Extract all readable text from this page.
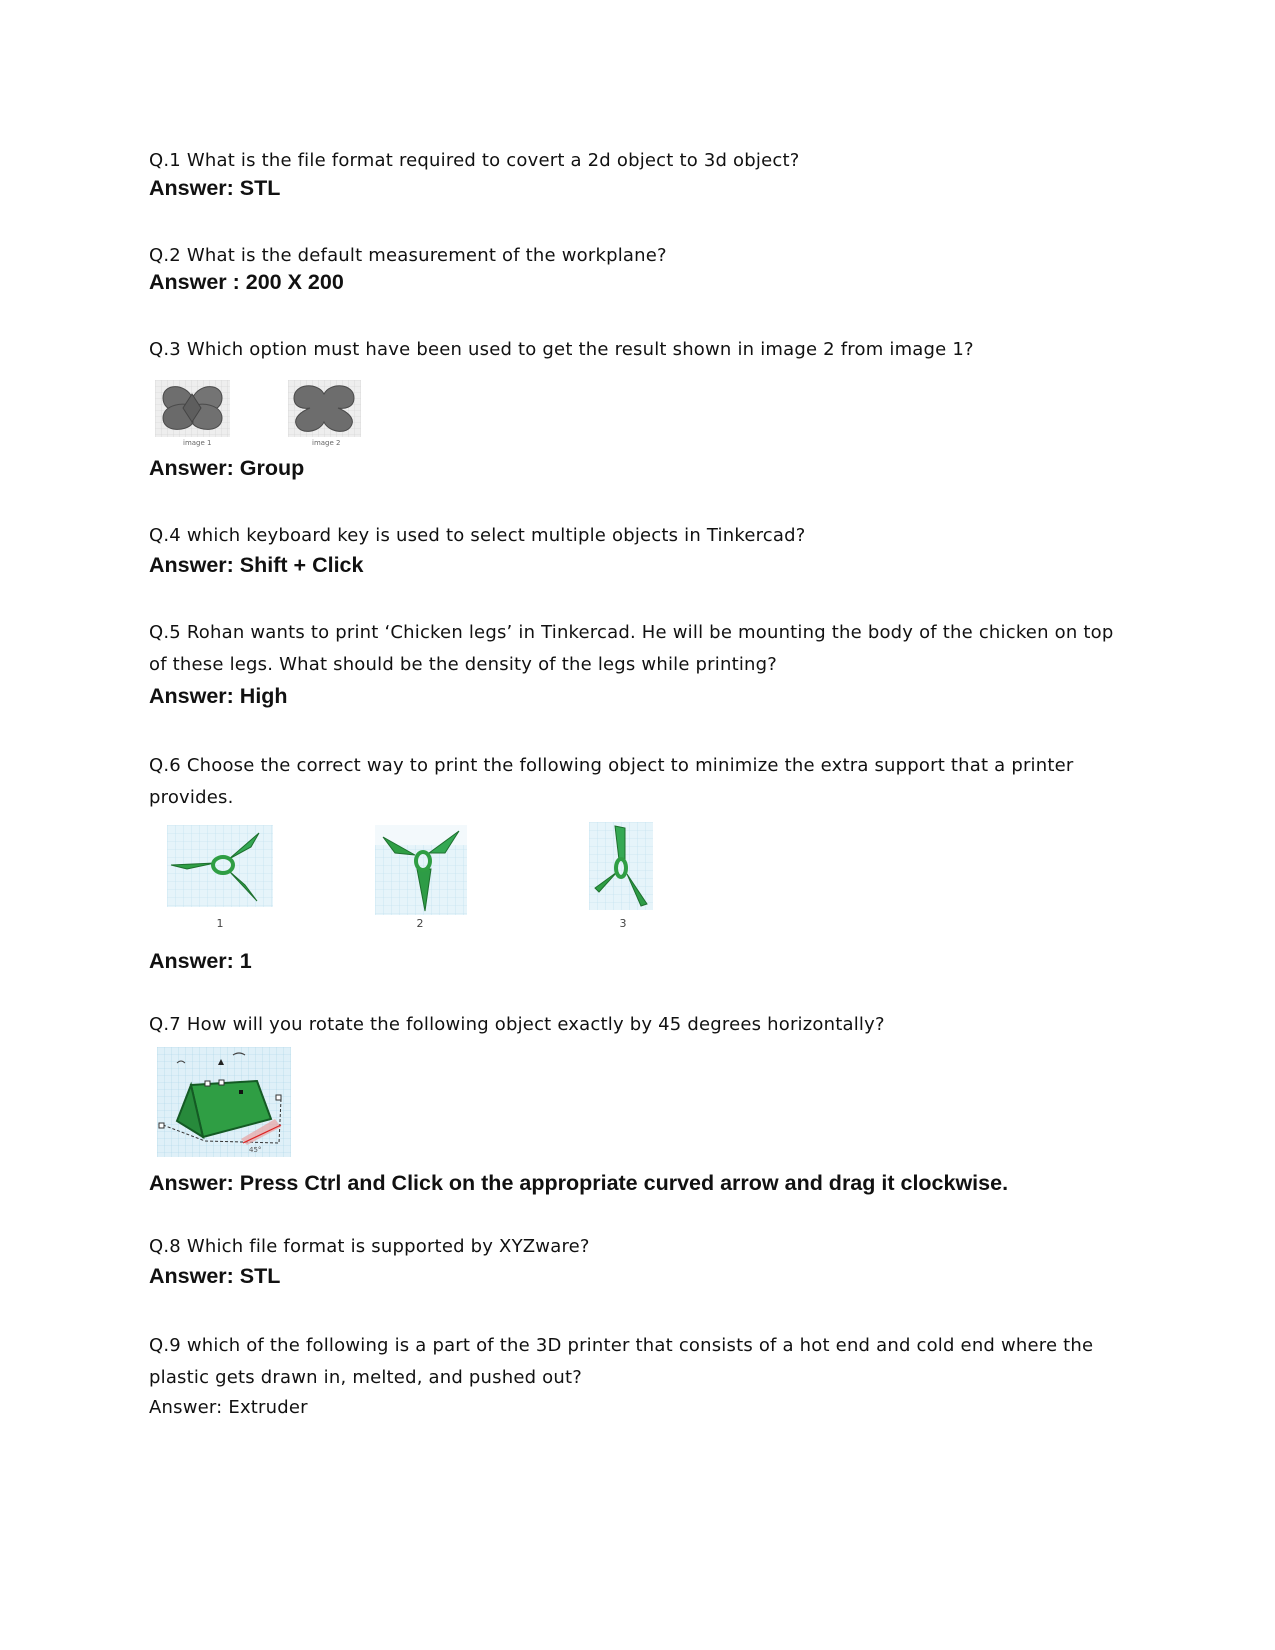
Q.1 What is the file format required to covert a 2d object to 3d object?
Answer: STL
Q.2 What is the default measurement of the workplane?
Answer : 200 X 200
Q.3 Which option must have been used to get the result shown in image 2 from image 1?
image 1	image 2
Answer: Group
Q.4 which keyboard key is used to select multiple objects in Tinkercad?
Answer: Shift + Click
Q.5 Rohan wants to print ‘Chicken legs’ in Tinkercad. He will be mounting the body of the chicken on top of these legs. What should be the density of the legs while printing?
Answer: High
Q.6 Choose the correct way to print the following object to minimize the extra support that a printer provides.
1	2	3
Answer: 1
Q.7 How will you rotate the following object exactly by 45 degrees horizontally?
45°
Answer: Press Ctrl and Click on the appropriate curved arrow and drag it clockwise.
Q.8 Which file format is supported by XYZware?
Answer: STL
Q.9 which of the following is a part of the 3D printer that consists of a hot end and cold end where the plastic gets drawn in, melted, and pushed out?
Answer: Extruder
